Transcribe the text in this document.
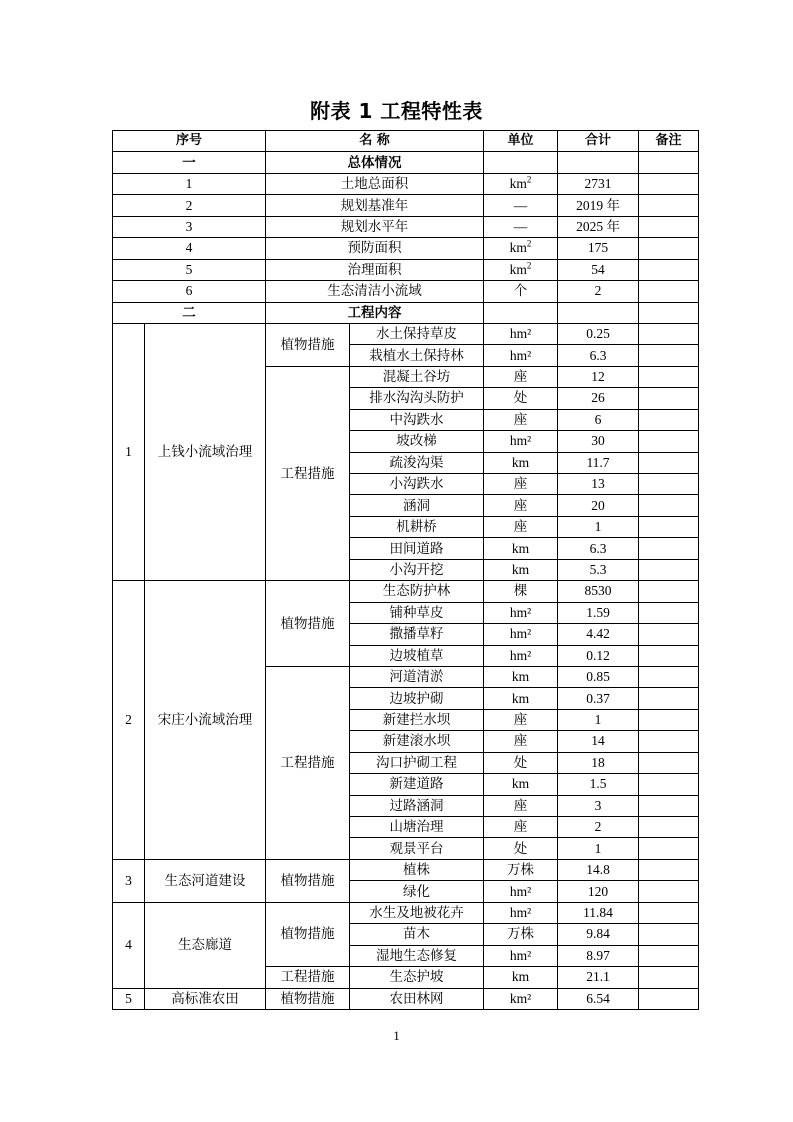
附表 1 工程特性表
序号		名 称		单位	合计	备注
一		总体情况				
1		土地总面积		$km^2$	2731	
2		规划基准年		—	2019 年	
3		规划水平年		—	2025 年	
4		预防面积		$km^2$	175	
5		治理面积		$km^2$	54	
6		生态清洁小流域		个	2	
二		工程内容				
1	上钱小流域治理	植物措施	水土保持草皮	hm²	0.25	
			栽植水土保持林	hm²	6.3	
		工程措施	混凝土谷坊	座	12	
			排水沟沟头防护	处	26	
			中沟跌水	座	6	
			坡改梯	hm²	30	
			疏浚沟渠	km	11.7	
			小沟跌水	座	13	
			涵洞	座	20	
			机耕桥	座	1	
			田间道路	km	6.3	
			小沟开挖	km	5.3	
2	宋庄小流域治理	植物措施	生态防护林	棵	8530	
			铺种草皮	hm²	1.59	
			撒播草籽	hm²	4.42	
			边坡植草	hm²	0.12	
		工程措施	河道清淤	km	0.85	
			边坡护砌	km	0.37	
			新建拦水坝	座	1	
			新建滚水坝	座	14	
			沟口护砌工程	处	18	
			新建道路	km	1.5	
			过路涵洞	座	3	
			山塘治理	座	2	
			观景平台	处	1	
3	生态河道建设	植物措施	植株	万株	14.8	
			绿化	hm²	120	
4	生态廊道	植物措施	水生及地被花卉	hm²	11.84	
			苗木	万株	9.84	
			湿地生态修复	hm²	8.97	
		工程措施	生态护坡	km	21.1	
5	高标准农田	植物措施	农田林网	km²	6.54	
1
